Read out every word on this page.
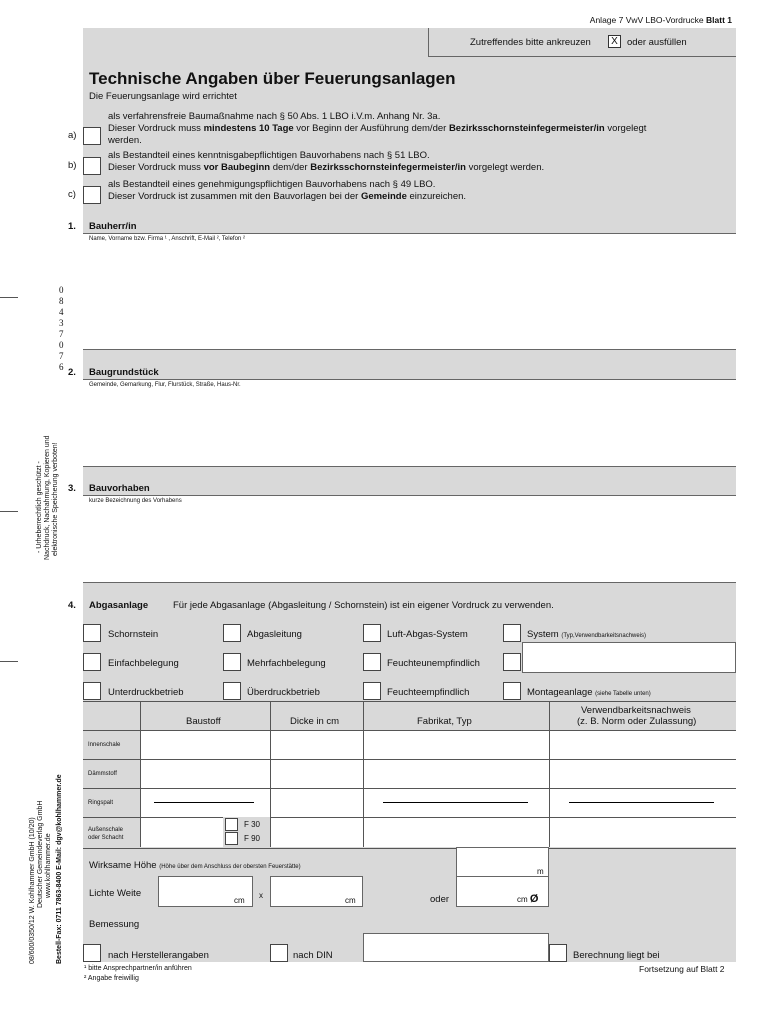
Anlage 7 VwV LBO-Vordrucke Blatt 1
Zutreffendes bitte ankreuzen	X oder ausfüllen
Technische Angaben über Feuerungsanlagen
Die Feuerungsanlage wird errichtet
a)
als verfahrensfreie Baumaßnahme nach § 50 Abs. 1 LBO i.V.m. Anhang Nr. 3a.
Dieser Vordruck muss mindestens 10 Tage vor Beginn der Ausführung dem/der Bezirksschornsteinfegermeister/in vorgelegt
werden.
b)
als Bestandteil eines kenntnisgabepflichtigen Bauvorhabens nach § 51 LBO.
Dieser Vordruck muss vor Baubeginn dem/der Bezirksschornsteinfegermeister/in vorgelegt werden.
c)
als Bestandteil eines genehmigungspflichtigen Bauvorhabens nach § 49 LBO.
Dieser Vordruck ist zusammen mit den Bauvorlagen bei der Gemeinde einzureichen.
1. Bauherr/in
Name, Vorname bzw. Firma ¹ , Anschrift, E-Mail ², Telefon ²
2. Baugrundstück
Gemeinde, Gemarkung, Flur, Flurstück, Straße, Haus-Nr.
3. Bauvorhaben
kurze Bezeichnung des Vorhabens
4. Abgasanlage	Für jede Abgasanlage (Abgasleitung / Schornstein) ist ein eigener Vordruck zu verwenden.
Schornstein	Abgasleitung	Luft-Abgas-System	System (Typ,Verwendbarkeitsnachweis)
Einfachbelegung	Mehrfachbelegung	Feuchteunempfindlich
Unterdruckbetrieb	Überdruckbetrieb	Feuchteempfindlich	Montageanlage (siehe Tabelle unten)
F 30
F 90
Baustoff	Dicke in cm	Fabrikat, Typ
Verwendbarkeitsnachweis
(z. B. Norm oder Zulassung)
Innenschale
Dämmstoff
Ringspalt
Außenschale
oder Schacht
Wirksame Höhe (Höhe über dem Anschluss der obersten Feuerstätte)	m
Lichte Weite
cm
x
cm	oder	cm Ø
Bemessung
nach Herstellerangaben	nach DIN	Berechnung liegt bei
¹ bitte Ansprechpartner/in anführen
² Angabe freiwillig
Fortsetzung auf Blatt 2
0
8
4
3
7
0
7
6
- Urheberrechtlich geschützt - Nachdruck, Nachahmung, Kopieren und elektronische Speicherung verboten!
08/600/0350/12 W. Kohlhammer GmbH (10/20) Deutscher Gemeindeverlag GmbH www.kohlhammer.de Bestell-Fax: 0711 7863-8400 E-Mail: dgv@kohlhammer.de
